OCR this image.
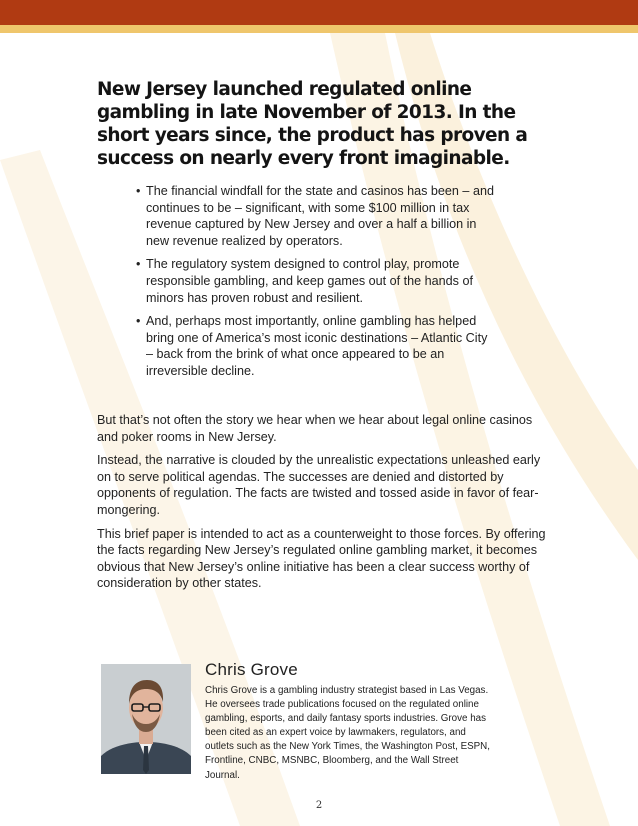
New Jersey launched regulated online gambling in late November of 2013. In the short years since, the product has proven a success on nearly every front imaginable.
• The financial windfall for the state and casinos has been – and continues to be – significant, with some $100 million in tax revenue captured by New Jersey and over a half a billion in new revenue realized by operators.
• The regulatory system designed to control play, promote responsible gambling, and keep games out of the hands of minors has proven robust and resilient.
• And, perhaps most importantly, online gambling has helped bring one of America’s most iconic destinations – Atlantic City – back from the brink of what once appeared to be an irreversible decline.

But that’s not often the story we hear when we hear about legal online casinos and poker rooms in New Jersey.

Instead, the narrative is clouded by the unrealistic expectations unleashed early on to serve political agendas. The successes are denied and distorted by opponents of regulation. The facts are twisted and tossed aside in favor of fear-mongering.

This brief paper is intended to act as a counterweight to those forces. By offering the facts regarding New Jersey’s regulated online gambling market, it becomes obvious that New Jersey’s online initiative has been a clear success worthy of consideration by other states.

Chris Grove

Chris Grove is a gambling industry strategist based in Las Vegas. He oversees trade publications focused on the regulated online gambling, esports, and daily fantasy sports industries. Grove has been cited as an expert voice by lawmakers, regulators, and outlets such as the New York Times, the Washington Post, ESPN, Frontline, CNBC, MSNBC, Bloomberg, and the Wall Street Journal.

2
